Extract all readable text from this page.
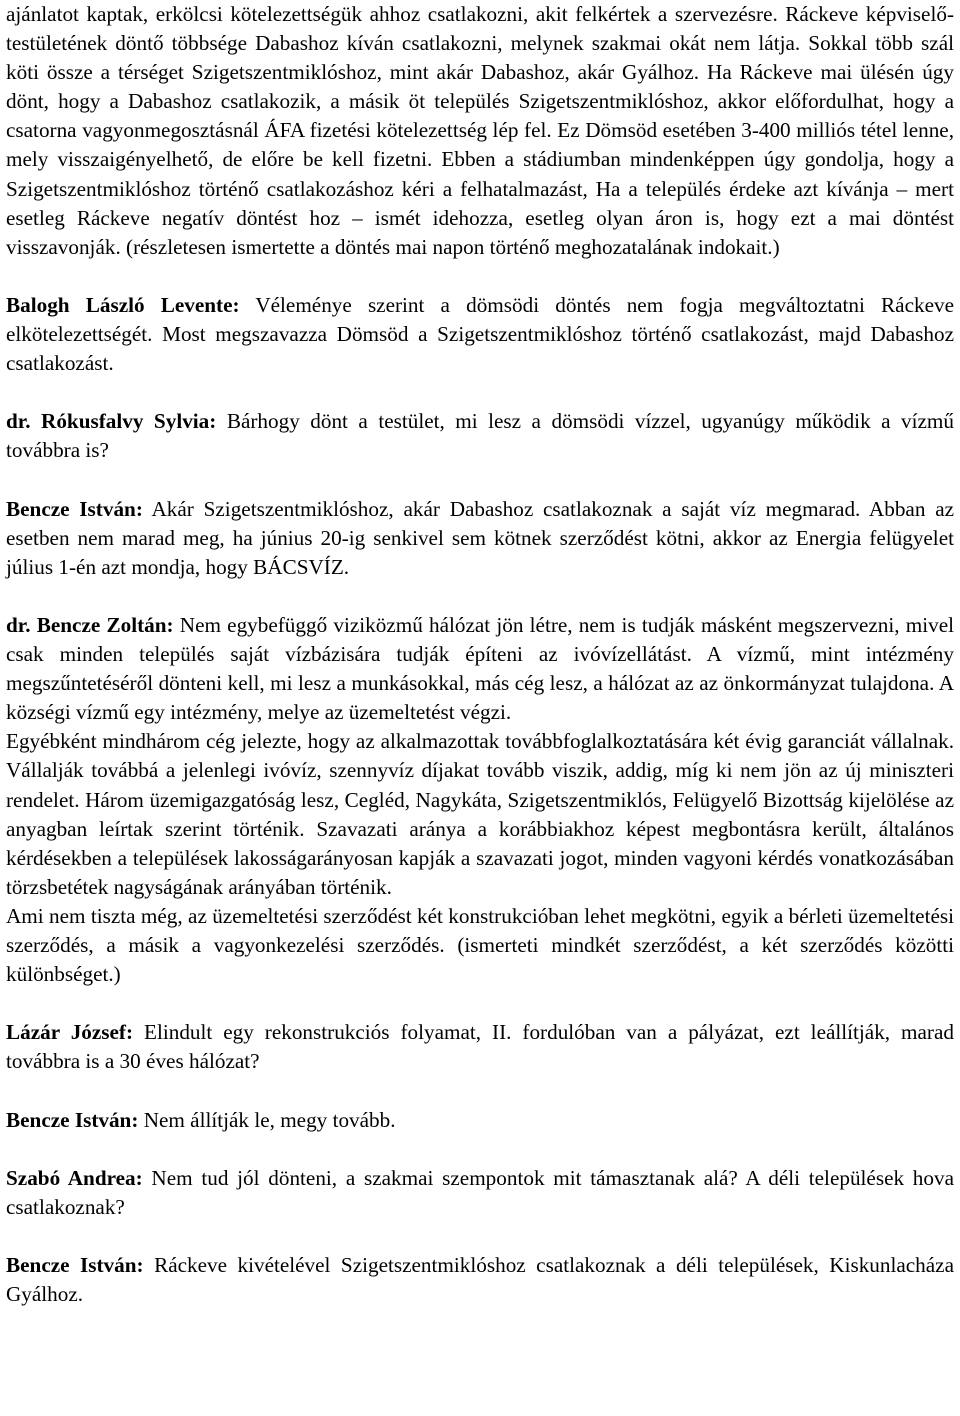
ajánlatot kaptak, erkölcsi kötelezettségük ahhoz csatlakozni, akit felkértek a szervezésre. Ráckeve képviselő-testületének döntő többsége Dabashoz kíván csatlakozni, melynek szakmai okát nem látja. Sokkal több szál köti össze a térséget Szigetszentmiklóshoz, mint akár Dabashoz, akár Gyálhoz. Ha Ráckeve mai ülésén úgy dönt, hogy a Dabashoz csatlakozik, a másik öt település Szigetszentmiklóshoz, akkor előfordulhat, hogy a csatorna vagyonmegosztásnál ÁFA fizetési kötelezettség lép fel. Ez Dömsöd esetében 3-400 milliós tétel lenne, mely visszaigényelhető, de előre be kell fizetni. Ebben a stádiumban mindenképpen úgy gondolja, hogy a Szigetszentmiklóshoz történő csatlakozáshoz kéri a felhatalmazást, Ha a település érdeke azt kívánja – mert esetleg Ráckeve negatív döntést hoz – ismét idehozza, esetleg olyan áron is, hogy ezt a mai döntést visszavonják. (részletesen ismertette a döntés mai napon történő meghozatalának indokait.)

Balogh László Levente: Véleménye szerint a dömsödi döntés nem fogja megváltoztatni Ráckeve elkötelezettségét. Most megszavazza Dömsöd a Szigetszentmiklóshoz történő csatlakozást, majd Dabashoz csatlakozást.

dr. Rókusfalvy Sylvia: Bárhogy dönt a testület, mi lesz a dömsödi vízzel, ugyanúgy működik a vízmű továbbra is?

Bencze István: Akár Szigetszentmiklóshoz, akár Dabashoz csatlakoznak a saját víz megmarad. Abban az esetben nem marad meg, ha június 20-ig senkivel sem kötnek szerződést kötni, akkor az Energia felügyelet július 1-én azt mondja, hogy BÁCSVÍZ.

dr. Bencze Zoltán: Nem egybefüggő viziközmű hálózat jön létre, nem is tudják másként megszervezni, mivel csak minden település saját vízbázisára tudják építeni az ivóvízellátást. A vízmű, mint intézmény megszűntetéséről dönteni kell, mi lesz a munkásokkal, más cég lesz, a hálózat az az önkormányzat tulajdona. A községi vízmű egy intézmény, melye az üzemeltetést végzi.

Egyébként mindhárom cég jelezte, hogy az alkalmazottak továbbfoglalkoztatására két évig garanciát vállalnak. Vállalják továbbá a jelenlegi ivóvíz, szennyvíz díjakat tovább viszik, addig, míg ki nem jön az új miniszteri rendelet. Három üzemigazgatóság lesz, Cegléd, Nagykáta, Szigetszentmiklós, Felügyelő Bizottság kijelölése az anyagban leírtak szerint történik. Szavazati aránya a korábbiakhoz képest megbontásra került, általános kérdésekben a települések lakosságarányosan kapják a szavazati jogot, minden vagyoni kérdés vonatkozásában törzsbetétek nagyságának arányában történik.

Ami nem tiszta még, az üzemeltetési szerződést két konstrukcióban lehet megkötni, egyik a bérleti üzemeltetési szerződés, a másik a vagyonkezelési szerződés. (ismerteti mindkét szerződést, a két szerződés közötti különbséget.)

Lázár József: Elindult egy rekonstrukciós folyamat, II. fordulóban van a pályázat, ezt leállítják, marad továbbra is a 30 éves hálózat?

Bencze István: Nem állítják le, megy tovább.

Szabó Andrea: Nem tud jól dönteni, a szakmai szempontok mit támasztanak alá? A déli települések hova csatlakoznak?

Bencze István: Ráckeve kivételével Szigetszentmiklóshoz csatlakoznak a déli települések, Kiskunlacháza Gyálhoz.
